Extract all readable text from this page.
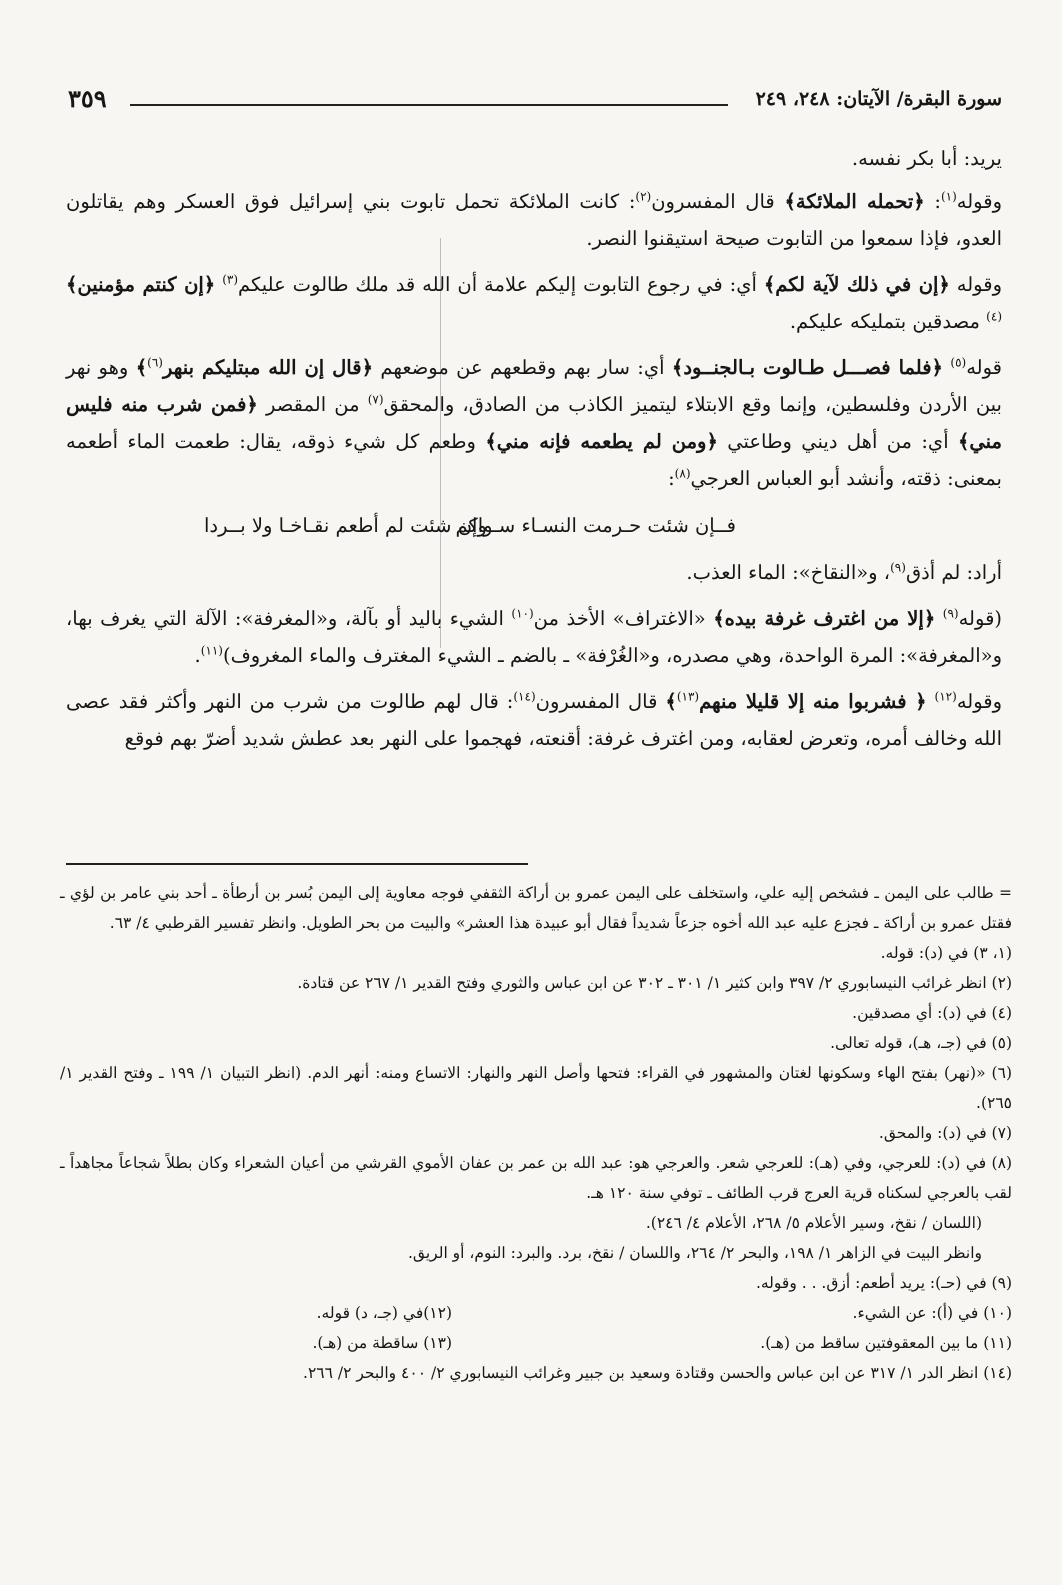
سورة البقرة/ الآيتان: ٢٤٨، ٢٤٩
٣٥٩

يريد: أبا بكر نفسه.

وقوله$^{(١)}$: ﴿تحمله الملائكة﴾ قال المفسرون$^{(٢)}$: كانت الملائكة تحمل تابوت بني إسرائيل فوق العسكر وهم يقاتلون العدو، فإذا سمعوا من التابوت صيحة استيقنوا النصر.

وقوله ﴿إن في ذلك لآية لكم﴾ أي: في رجوع التابوت إليكم علامة أن الله قد ملك طالوت عليكم$^{(٣)}$ ﴿إن كنتم مؤمنين﴾$^{(٤)}$ مصدقين بتمليكه عليكم.

قوله$^{(٥)}$ ﴿فلما فصـــل طـالوت بـالجنــود﴾ أي: سار بهم وقطعهم عن موضعهم ﴿قال إن الله مبتليكم بنهر$^{(٦)}$﴾ وهو نهر بين الأردن وفلسطين، وإنما وقع الابتلاء ليتميز الكاذب من الصادق، والمحقق$^{(٧)}$ من المقصر ﴿فمن شرب منه فليس مني﴾ أي: من أهل ديني وطاعتي ﴿ومن لم يطعمه فإنه مني﴾ وطعم كل شيء ذوقه، يقال: طعمت الماء أطعمه بمعنى: ذقته، وأنشد أبو العباس العرجي$^{(٨)}$:

فــإن شئت حـرمت النسـاء سـواكم
وإن شئت لم أطعم نقـاخـا ولا بــردا

أراد: لم أذق$^{(٩)}$، و«النقاخ»: الماء العذب.

(قوله$^{(٩)}$ ﴿إلا من اغترف غرفة بيده﴾ «الاغتراف» الأخذ من$^{(١٠)}$ الشيء باليد أو بآلة، و«المغرفة»: الآلة التي يغرف بها، و«المغرفة»: المرة الواحدة، وهي مصدره، و«الغُرْفة» ـ بالضم ـ الشيء المغترف والماء المغروف)$^{(١١)}$.

وقوله$^{(١٢)}$ ﴿ فشربوا منه إلا قليلا منهم$^{(١٣)}$﴾ قال المفسرون$^{(١٤)}$: قال لهم طالوت من شرب من النهر وأكثر فقد عصى الله وخالف أمره، وتعرض لعقابه، ومن اغترف غرفة: أقنعته، فهجموا على النهر بعد عطش شديد أضرّ بهم فوقع

= طالب على اليمن ـ فشخص إليه علي، واستخلف على اليمن عمرو بن أراكة الثقفي فوجه معاوية إلى اليمن بُسر بن أرطأة ـ أحد بني عامر بن لؤي ـ فقتل عمرو بن أراكة ـ فجزع عليه عبد الله أخوه جزعاً شديداً فقال أبو عبيدة هذا العشر» والبيت من بحر الطويل. وانظر تفسير القرطبي ٤/ ٦٣.

(١، ٣) في (د): قوله.

(٢) انظر غرائب النيسابوري ٢/ ٣٩٧ وابن كثير ١/ ٣٠١ ـ ٣٠٢ عن ابن عباس والثوري وفتح القدير ١/ ٢٦٧ عن قتادة.

(٤) في (د): أي مصدقين.

(٥) في (جـ، هـ)، قوله تعالى.

(٦) «(نهر) بفتح الهاء وسكونها لغتان والمشهور في القراء: فتحها وأصل النهر والنهار: الاتساع ومنه: أنهر الدم. (انظر التبيان ١/ ١٩٩ ـ وفتح القدير ١/ ٢٦٥).

(٧) في (د): والمحق.

(٨) في (د): للعرجي، وفي (هـ): للعرجي شعر. والعرجي هو: عبد الله بن عمر بن عفان الأموي القرشي من أعيان الشعراء وكان بطلاً شجاعاً مجاهداً ـ لقب بالعرجي لسكناه قرية العرج قرب الطائف ـ توفي سنة ١٢٠ هـ.

(اللسان / نقخ، وسير الأعلام ٥/ ٢٦٨، الأعلام ٤/ ٢٤٦).

وانظر البيت في الزاهر ١/ ١٩٨، والبحر ٢/ ٢٦٤، واللسان / نقخ، برد. والبرد: النوم، أو الريق.

(٩) في (حـ): يريد أطعم: أزق. . . وقوله.

(١٠) في (أ): عن الشيء.
(١٢)في (جـ، د) قوله.
(١١) ما بين المعقوفتين ساقط من (هـ).
(١٣) ساقطة من (هـ).

(١٤) انظر الدر ١/ ٣١٧ عن ابن عباس والحسن وقتادة وسعيد بن جبير وغرائب النيسابوري ٢/ ٤٠٠ والبحر ٢/ ٢٦٦.
